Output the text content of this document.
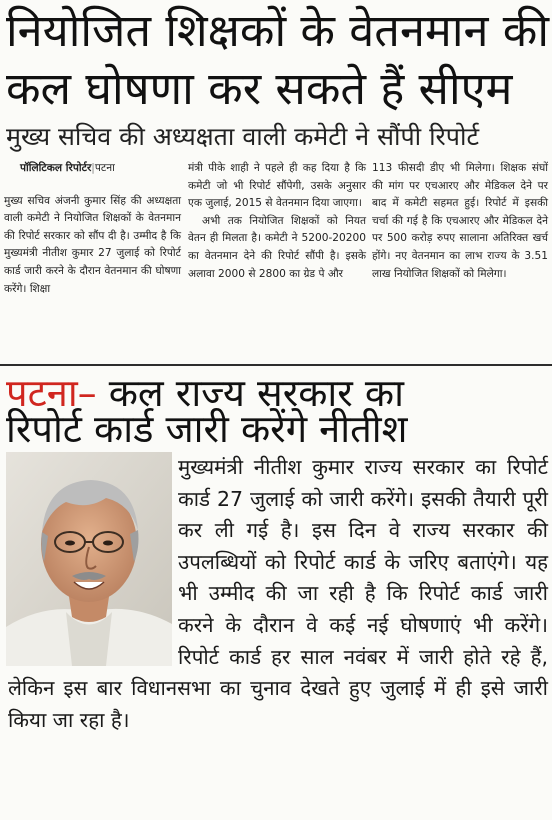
नियोजित शिक्षकों के वेतनमान की
कल घोषणा कर सकते हैं सीएम
मुख्य सचिव की अध्यक्षता वाली कमेटी ने सौंपी रिपोर्ट
पॉलिटिकल रिपोर्टर|पटना

मुख्य सचिव अंजनी कुमार सिंह की अध्यक्षता वाली कमेटी ने नियोजित शिक्षकों के वेतनमान की रिपोर्ट सरकार को सौंप दी है। उम्मीद है कि मुख्यमंत्री नीतीश कुमार 27 जुलाई को रिपोर्ट कार्ड जारी करने के दौरान वेतनमान की घोषणा करेंगे। शिक्षा

मंत्री पीके शाही ने पहले ही कह दिया है कि कमेटी जो भी रिपोर्ट सौंपेगी, उसके अनुसार एक जुलाई, 2015 से वेतनमान दिया जाएगा।

अभी तक नियोजित शिक्षकों को नियत वेतन ही मिलता है। कमेटी ने 5200-20200 का वेतनमान देने की रिपोर्ट सौंपी है। इसके अलावा 2000 से 2800 का ग्रेड पे और

113 फीसदी डीए भी मिलेगा। शिक्षक संघों की मांग पर एचआरए और मेडिकल देने पर बाद में कमेटी सहमत हुई। रिपोर्ट में इसकी चर्चा की गई है कि एचआरए और मेडिकल देने पर 500 करोड़ रुपए सालाना अतिरिक्त खर्च होंगे। नए वेतनमान का लाभ राज्य के 3.51 लाख नियोजित शिक्षकों को मिलेगा।

पटना– कल राज्य सरकार का
रिपोर्ट कार्ड जारी करेंगे नीतीश

मुख्यमंत्री नीतीश कुमार राज्य सरकार का रिपोर्ट कार्ड 27 जुलाई को जारी करेंगे। इसकी तैयारी पूरी कर ली गई है। इस दिन वे राज्य सरकार की उपलब्धियों को रिपोर्ट कार्ड के जरिए बताएंगे। यह भी उम्मीद की जा रही है कि रिपोर्ट कार्ड जारी करने के दौरान वे कई नई घोषणाएं भी करेंगे। रिपोर्ट कार्ड हर साल नवंबर में जारी होते रहे हैं, लेकिन इस बार विधानसभा का चुनाव देखते हुए जुलाई में ही इसे जारी किया जा रहा है।
